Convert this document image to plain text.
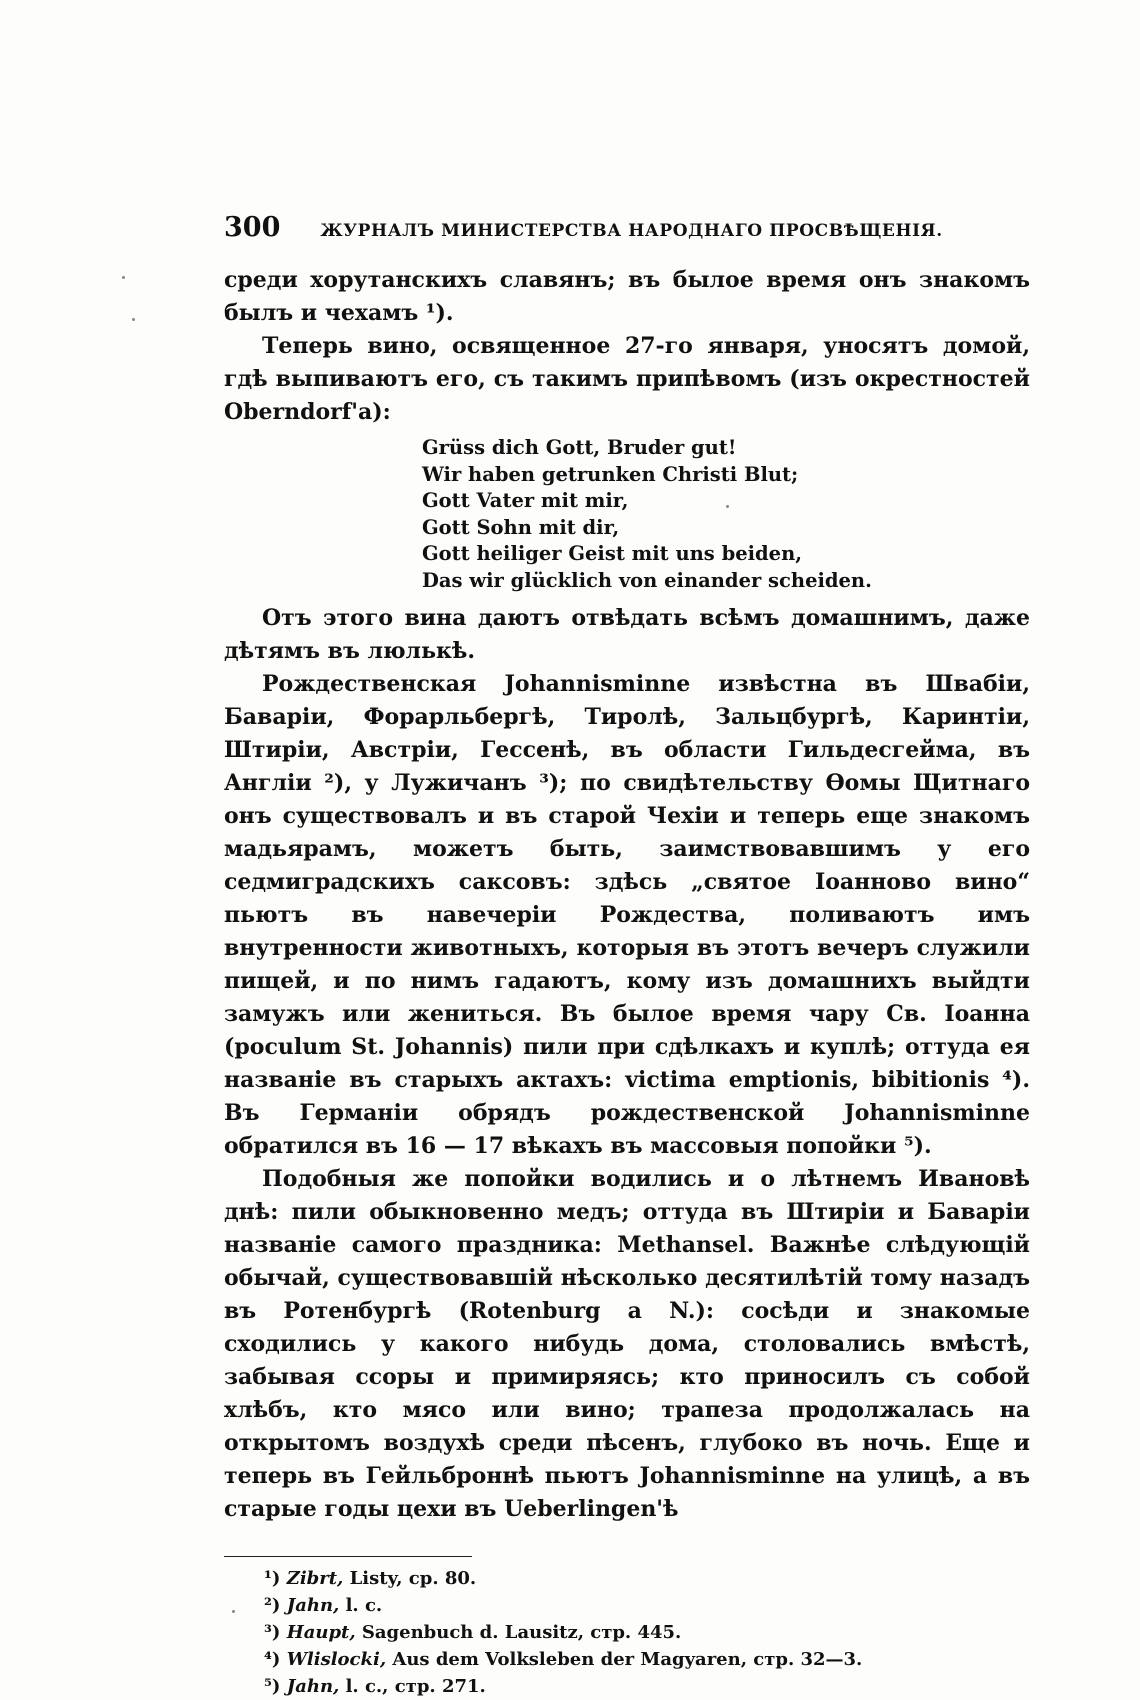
300 ЖУРНАЛЪ МИНИСТЕРСТВА НАРОДНАГО ПРОСВѢЩЕНІЯ.

среди хорутанскихъ славянъ; въ былое время онъ знакомъ былъ и чехамъ ¹).

Теперь вино, освященное 27-го января, уносятъ домой, гдѣ выпиваютъ его, съ такимъ припѣвомъ (изъ окрестностей Oberndorf'а):

Grüss dich Gott, Bruder gut!
Wir haben getrunken Christi Blut;
Gott Vater mit mir,
Gott Sohn mit dir,
Gott heiliger Geist mit uns beiden,
Das wir glücklich von einander scheiden.

Отъ этого вина даютъ отвѣдать всѣмъ домашнимъ, даже дѣтямъ въ люлькѣ.

Рождественская Johannisminne извѣстна въ Швабіи, Баваріи, Форарльбергѣ, Тиролѣ, Зальцбургѣ, Каринтіи, Штиріи, Австріи, Гессенѣ, въ области Гильдесгейма, въ Англіи ²), у Лужичанъ ³); по свидѣтельству Ѳомы Щитнаго онъ существовалъ и въ старой Чехіи и теперь еще знакомъ мадьярамъ, можетъ быть, заимствовавшимъ у его седмиградскихъ саксовъ: здѣсь „святое Іоанново вино“ пьютъ въ навечеріи Рождества, поливаютъ имъ внутренности животныхъ, которыя въ этотъ вечеръ служили пищей, и по нимъ гадаютъ, кому изъ домашнихъ выйдти замужъ или жениться. Въ былое время чару Св. Іоанна (poculum St. Johannis) пили при сдѣлкахъ и куплѣ; оттуда ея названіе въ старыхъ актахъ: victima emptionis, bibitionis ⁴). Въ Германіи обрядъ рождественской Johannisminne обратился въ 16 — 17 вѣкахъ въ массовыя попойки ⁵).

Подобныя же попойки водились и о лѣтнемъ Ивановѣ днѣ: пили обыкновенно медъ; оттуда въ Штиріи и Баваріи названіе самого праздника: Methansel. Важнѣе слѣдующій обычай, существовавшій нѣсколько десятилѣтій тому назадъ въ Ротенбургѣ (Rotenburg a N.): сосѣди и знакомые сходились у какого нибудь дома, столовались вмѣстѣ, забывая ссоры и примиряясь; кто приносилъ съ собой хлѣбъ, кто мясо или вино; трапеза продолжалась на открытомъ воздухѣ среди пѣсенъ, глубоко въ ночь. Еще и теперь въ Гейльброннѣ пьютъ Johannisminne на улицѣ, а въ старые годы цехи въ Ueberlingen'ѣ

¹) Zibrt, Listy, ср. 80.
²) Jahn, l. c.
³) Haupt, Sagenbuch d. Lausitz, стр. 445.
⁴) Wlislocki, Aus dem Volksleben der Magyaren, стр. 32—3.
⁵) Jahn, l. c., стр. 271.
